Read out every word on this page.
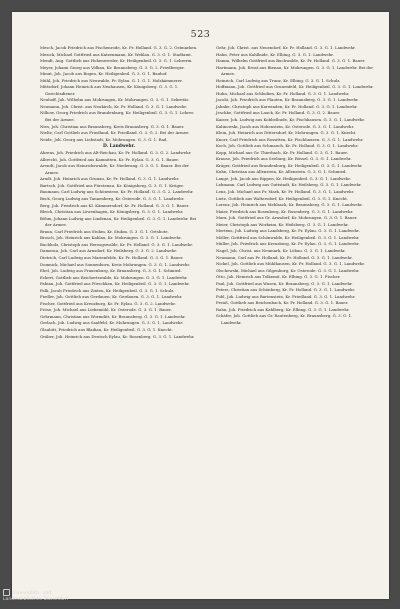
523
Mesch, Jacob Friedrich aus Fischenrode, Kr. Pr. Holland. G. 3. G. 2. Ostmarken.
Mezick, Michael Gottfried aus Katzenmann, Kr. Wehlau. G. 3. G. 1. Stadtamt.
Mendt, Aug. Gottlieb aus Hohenwerder, Kr. Heiligenbeil. G. 3. G. 1. Lehrerin.
Meyer, Johann Georg aus Völkau, Kr. Braunsberg. G. 3. G. 2. Friedberger.
Minut, Joh. Jacob aus Bogen, Kr. Heiligenbeil. G. 3. G. 1. Bauhof.
Mühl, Joh. Friedrich aus Neuwalde, Pr. Eylau. G. 1. G. 1. Holzkämmerer.
Mittsdorf, Johann Heinrich aus Neuhausen, Kr. Königsberg. G. 3. G. 1. Gerichtsdiener.
Neuhoff, Joh. Wilhelm aus Mohrungen, Kr. Mohrungen. G. 3. G. 1. Sekretär.
Neumann, Joh. Christ. aus Neukirch, Kr. Pr. Holland. G. 3. G. 1. Landwehr.
Nilhow, Georg Friedrich aus Brandenburg, Kr. Heiligenbeil. G. 3. G. 1. Lehrer. Bei der Armee.
Nies, Joh. Christian aus Braunsberg, Kreis Braunsberg. G. 3. G. 1. Bauer.
Nieltz, Carl Gottlieb aus Friedland, Kr. Friedland. G. 3. G. 2. Bei der Armee.
Neide, Joh. Georg aus Liebstadt, Kr. Mohrungen. G. 3. G. 1. Rad.
D. Landwehr.
Ahrens, Joh. Friedrich aus Alt-Reichau, Kr. Pr. Holland. G. 3. G. 2. Landwehr.
Albrecht, Joh. Gottfried aus Kamnitten, Kr. Pr. Eylau. G. 3. G. 1. Bauer.
Arendt, Jacob aus Heinrichswalde, Kr. Niederung. G. 3. G. 1. Bauer. Bei der Armee.
Arndt, Joh. Heinrich aus Grunau, Kr. Pr. Holland. G. 3. G. 1. Landwehr.
Bartsch, Joh. Gottfried aus Fürstenau, Kr. Königsberg. G. 3. G. 1. Krüger.
Baumann, Carl Ludwig aus Schönwiese, Kr. Pr. Holland. G. 3. G. 2. Landwehr.
Beck, Georg Ludwig aus Tannenberg, Kr. Osterode. G. 3. G. 1. Landwehr.
Berg, Joh. Friedrich aus Kl. Kämmersdorf, Kr. Pr. Holland. G. 3. G. 1. Bauer.
Bleich, Christian aus Löwenhagen, Kr. Königsberg. G. 3. G. 1. Landwehr.
Böhm, Johann Ludwig aus Lindenau, Kr. Heiligenbeil. G. 3. G. 1. Landwehr. Bei der Armee.
Braun, Carl Friedrich aus Stuhm, Kr. Stuhm. G. 3. G. 1. Ortsbote.
Brosch, Joh. Heinrich aus Kahlau, Kr. Mohrungen. G. 3. G. 1. Landwehr.
Buchholz, Christoph aus Herzogswalde, Kr. Pr. Holland. G. 3. G. 1. Landwehr.
Damerau, Joh. Carl aus Arnsdorf, Kr. Heilsberg. G. 3. G. 2. Landwehr.
Dietrich, Carl Ludwig aus Marienfelde, Kr. Pr. Holland. G. 3. G. 1. Bauer.
Domnick, Michael aus Sonnenborn, Kreis Mohrungen. G. 3. G. 1. Landwehr.
Ebel, Joh. Ludwig aus Frauenburg, Kr. Braunsberg. G. 3. G. 1. Schmied.
Eckert, Gottlieb aus Reichertswalde, Kr. Mohrungen. G. 3. G. 1. Landwehr.
Fabian, Joh. Gottfried aus Pörschken, Kr. Heiligenbeil. G. 3. G. 1. Landwehr.
Falk, Jacob Friedrich aus Zinten, Kr. Heiligenbeil. G. 3. G. 1. Schulz.
Fiedler, Joh. Gottlieb aus Gerdauen, Kr. Gerdauen. G. 3. G. 1. Landwehr.
Fischer, Gottfried aus Kreuzburg, Kr. Pr. Eylau. G. 3. G. 2. Landwehr.
Fröse, Joh. Michael aus Liebemühl, Kr. Osterode. G. 3. G. 1. Bauer.
Gehrmann, Christian aus Wormditt, Kr. Braunsberg. G. 3. G. 1. Landwehr.
Gerlach, Joh. Ludwig aus Saalfeld, Kr. Mohrungen. G. 3. G. 1. Landwehr.
Glaubitt, Friedrich aus Bladiau, Kr. Heiligenbeil. G. 3. G. 1. Knecht.
Gräber, Joh. Heinrich aus Deutsch Eylau, Kr. Rosenberg. G. 3. G. 1. Landwehr.
Gehr, Joh. Christ. aus Neuendorf, Kr. Pr. Holland. G. 3. G. 1. Landwehr.
Hahn, Peter aus Kahlbude, Kr. Elbing. G. 3. G. 1. Landwehr.
Hamm, Wilhelm Gottfried aus Buchwalde, Kr. Pr. Holland. G. 3. G. 1. Bauer.
Hartmann, Joh. Ernst aus Bienau, Kr. Mohrungen. G. 3. G. 1. Landwehr. Bei der Armee.
Heinrich, Carl Ludwig aus Trunz, Kr. Elbing. G. 3. G. 1. Schulz.
Hoffmann, Joh. Gottfried aus Grunenfeld, Kr. Heiligenbeil. G. 3. G. 1. Landwehr.
Huhn, Michael aus Schlodien, Kr. Pr. Holland. G. 3. G. 1. Landwehr.
Jacobi, Joh. Friedrich aus Plauten, Kr. Braunsberg. G. 3. G. 1. Landwehr.
Jahnke, Christoph aus Karwinden, Kr. Pr. Holland. G. 3. G. 1. Landwehr.
Jeschke, Gottfried aus Lauck, Kr. Pr. Holland. G. 3. G. 2. Bauer.
Kaiser, Joh. Ludwig aus Kobbelbude, Kr. Fischhausen. G. 3. G. 1. Landwehr.
Kalinowski, Jacob aus Hohenstein, Kr. Osterode. G. 3. G. 1. Landwehr.
Klein, Joh. Heinrich aus Dittersdorf, Kr. Mohrungen. G. 3. G. 1. Knecht.
Knorr, Carl Friedrich aus Rossitten, Kr. Fischhausen. G. 3. G. 1. Landwehr.
Koch, Joh. Gottlieb aus Schmauch, Kr. Pr. Holland. G. 3. G. 1. Landwehr.
Kopp, Michael aus Gr. Thierbach, Kr. Pr. Holland. G. 3. G. 1. Bauer.
Krause, Joh. Friedrich aus Seeburg, Kr. Rössel. G. 3. G. 1. Landwehr.
Krüger, Gottfried aus Brandenburg, Kr. Heiligenbeil. G. 3. G. 1. Landwehr.
Kuhn, Christian aus Allenstein, Kr. Allenstein. G. 3. G. 1. Schmied.
Lange, Joh. Jacob aus Rippen, Kr. Heiligenbeil. G. 3. G. 1. Landwehr.
Lehmann, Carl Ludwig aus Guttstadt, Kr. Heilsberg. G. 3. G. 1. Landwehr.
Lenz, Joh. Michael aus Pr. Mark, Kr. Pr. Holland. G. 3. G. 1. Landwehr.
Lietz, Gottlieb aus Waltersdorf, Kr. Heiligenbeil. G. 3. G. 1. Knecht.
Lorenz, Joh. Heinrich aus Mehlsack, Kr. Braunsberg. G. 3. G. 1. Landwehr.
Maier, Friedrich aus Rosenberg, Kr. Rosenberg. G. 3. G. 1. Landwehr.
Marx, Joh. Gottfried aus Gr. Arnsdorf, Kr. Mohrungen. G. 3. G. 1. Bauer.
Meier, Christoph aus Workeim, Kr. Heilsberg. G. 3. G. 1. Landwehr.
Mertens, Joh. Ludwig aus Landsberg, Kr. Pr. Eylau. G. 3. G. 1. Landwehr.
Möller, Gottfried aus Schönwalde, Kr. Heiligenbeil. G. 3. G. 1. Landwehr.
Müller, Joh. Friedrich aus Kreuzburg, Kr. Pr. Eylau. G. 3. G. 1. Landwehr.
Nagel, Joh. Christ. aus Neumark, Kr. Löbau. G. 3. G. 1. Landwehr.
Neumann, Carl aus Pr. Holland, Kr. Pr. Holland. G. 3. G. 1. Landwehr.
Nickel, Joh. Gottlieb aus Mühlhausen, Kr. Pr. Holland. G. 3. G. 1. Landwehr.
Olschewski, Michael aus Gilgenburg, Kr. Osterode. G. 3. G. 1. Landwehr.
Otto, Joh. Heinrich aus Tolkemit, Kr. Elbing. G. 3. G. 1. Fischer.
Paul, Joh. Gottfried aus Wusen, Kr. Braunsberg. G. 3. G. 1. Landwehr.
Peters, Christian aus Schönberg, Kr. Pr. Holland. G. 3. G. 1. Landwehr.
Pohl, Joh. Ludwig aus Bartenstein, Kr. Friedland. G. 3. G. 1. Landwehr.
Preuß, Gottlieb aus Reichenbach, Kr. Pr. Holland. G. 3. G. 1. Bauer.
Rahn, Joh. Friedrich aus Kahlberg, Kr. Elbing. G. 3. G. 1. Landwehr.
Schäfer, Joh. Gottlieb aus Gr. Rautenberg, Kr. Braunsberg. G. 3. G. 1. Landwehr.
Universitäts- und
Landesbibliothek Düsseldorf
